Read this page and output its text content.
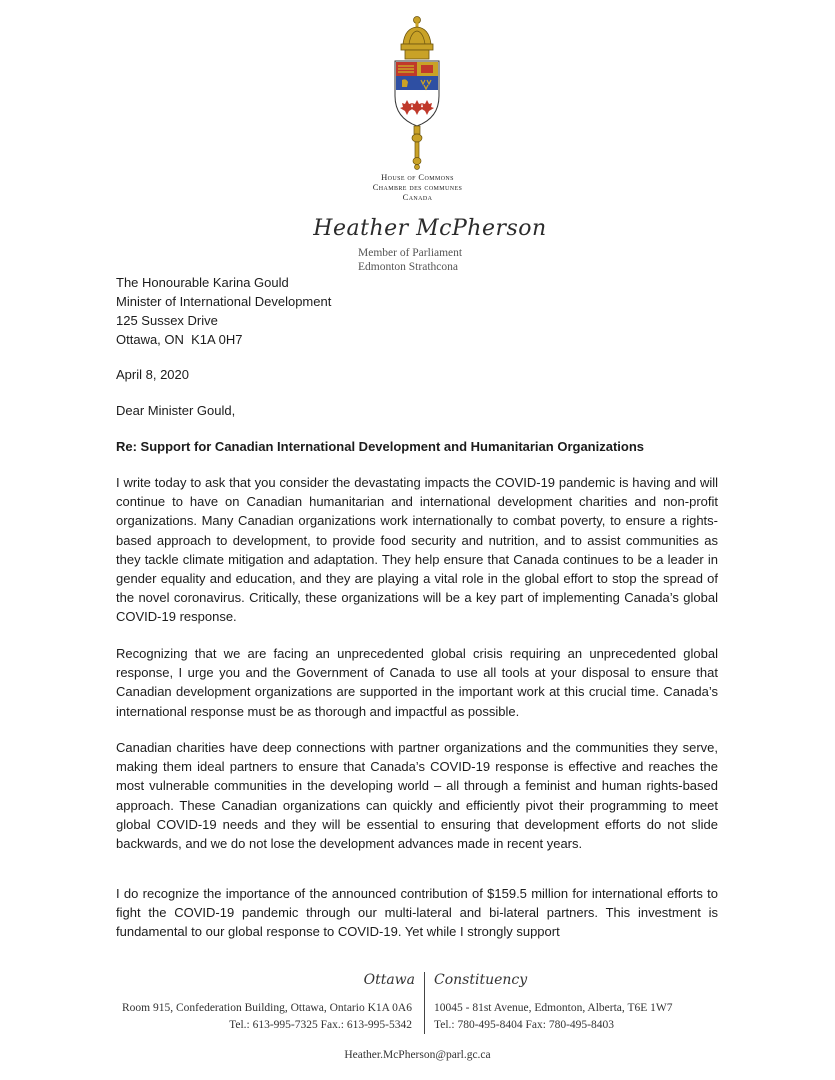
House of Commons
Chambre des communes
Canada
Heather McPherson
Member of Parliament
Edmonton Strathcona
The Honourable Karina Gould
Minister of International Development
125 Sussex Drive
Ottawa, ON  K1A 0H7
April 8, 2020
Dear Minister Gould,
Re: Support for Canadian International Development and Humanitarian Organizations

I write today to ask that you consider the devastating impacts the COVID-19 pandemic is having and will continue to have on Canadian humanitarian and international development charities and non-profit organizations. Many Canadian organizations work internationally to combat poverty, to ensure a rights-based approach to development, to provide food security and nutrition, and to assist communities as they tackle climate mitigation and adaptation. They help ensure that Canada continues to be a leader in gender equality and education, and they are playing a vital role in the global effort to stop the spread of the novel coronavirus. Critically, these organizations will be a key part of implementing Canada’s global COVID-19 response.

Recognizing that we are facing an unprecedented global crisis requiring an unprecedented global response, I urge you and the Government of Canada to use all tools at your disposal to ensure that Canadian development organizations are supported in the important work at this crucial time. Canada’s international response must be as thorough and impactful as possible.

Canadian charities have deep connections with partner organizations and the communities they serve, making them ideal partners to ensure that Canada’s COVID-19 response is effective and reaches the most vulnerable communities in the developing world – all through a feminist and human rights-based approach. These Canadian organizations can quickly and efficiently pivot their programming to meet global COVID-19 needs and they will be essential to ensuring that development efforts do not slide backwards, and we do not lose the development advances made in recent years.

I do recognize the importance of the announced contribution of $159.5 million for international efforts to fight the COVID-19 pandemic through our multi-lateral and bi-lateral partners. This investment is fundamental to our global response to COVID-19. Yet while I strongly support

Ottawa Constituency
Room 915, Confederation Building, Ottawa, Ontario K1A 0A6
Tel.: 613-995-7325 Fax.: 613-995-5342
10045 - 81st Avenue, Edmonton, Alberta, T6E 1W7
Tel.: 780-495-8404 Fax: 780-495-8403
Heather.McPherson@parl.gc.ca
